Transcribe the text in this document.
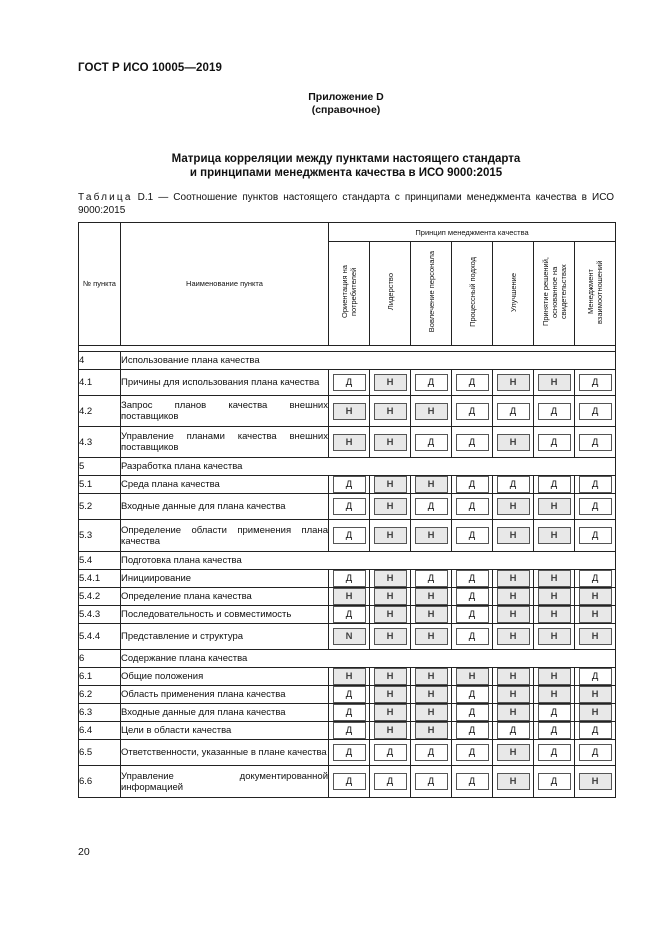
ГОСТ Р ИСО 10005—2019
Приложение D
(справочное)
Матрица корреляции между пунктами настоящего стандарта
и принципами менеджмента качества в ИСО 9000:2015
Таблица D.1 — Соотношение пунктов настоящего стандарта с принципами менеджмента качества в ИСО 9000:2015
№ пункта	Наименование пункта	Принцип менеджмента качества						
		Ориентация на потребителей	Лидерство	Вовлечение персонала	Процессный подход	Улучшение	Принятие решений, основанное на свидетельствах	Менеджмент взаимоотношений

4	Использование плана качества							
4.1	Причины для использования плана качества	Д	Н	Д	Д	Н	Н	Д
4.2	Запрос планов качества внешних поставщиков	Н	Н	Н	Д	Д	Д	Д
4.3	Управление планами качества внешних поставщиков	Н	Н	Д	Д	Н	Д	Д
5	Разработка плана качества							
5.1	Среда плана качества	Д	Н	Н	Д	Д	Д	Д
5.2	Входные данные для плана качества	Д	Н	Д	Д	Н	Н	Д
5.3	Определение области применения плана качества	Д	Н	Н	Д	Н	Н	Д
5.4	Подготовка плана качества							
5.4.1	Инициирование	Д	Н	Д	Д	Н	Н	Д
5.4.2	Определение плана качества	Н	Н	Н	Д	Н	Н	Н
5.4.3	Последовательность и совместимость	Д	Н	Н	Д	Н	Н	Н
5.4.4	Представление и структура	N	Н	Н	Д	Н	Н	Н
6	Содержание плана качества							
6.1	Общие положения	Н	Н	Н	Н	Н	Н	Д
6.2	Область применения плана качества	Д	Н	Н	Д	Н	Н	Н
6.3	Входные данные для плана качества	Д	Н	Н	Д	Н	Д	Н
6.4	Цели в области качества	Д	Н	Н	Д	Д	Д	Д
6.5	Ответственности, указанные в плане качества	Д	Д	Д	Д	Н	Д	Д
6.6	Управление документированной информацией	Д	Д	Д	Д	Н	Д	Н
20
